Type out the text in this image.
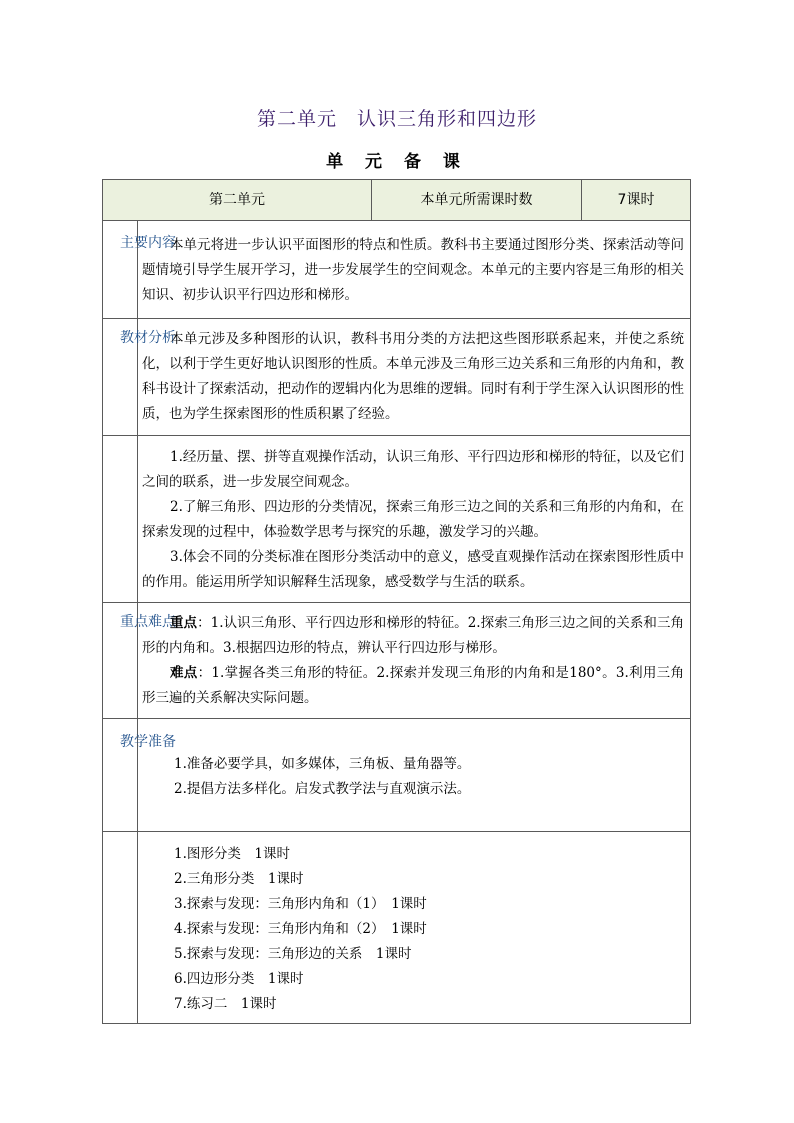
第二单元　认识三角形和四边形
单 元 备 课
第二单元	本单元所需课时数	7课时
主要内容

本单元将进一步认识平面图形的特点和性质。教科书主要通过图形分类、探索活动等问题情境引导学生展开学习，进一步发展学生的空间观念。本单元的主要内容是三角形的相关知识、初步认识平行四边形和梯形。

教材分析

本单元涉及多种图形的认识，教科书用分类的方法把这些图形联系起来，并使之系统化，以利于学生更好地认识图形的性质。本单元涉及三角形三边关系和三角形的内角和，教科书设计了探索活动，把动作的逻辑内化为思维的逻辑。同时有利于学生深入认识图形的性质，也为学生探索图形的性质积累了经验。

1.经历量、摆、拼等直观操作活动，认识三角形、平行四边形和梯形的特征，以及它们之间的联系，进一步发展空间观念。

2.了解三角形、四边形的分类情况，探索三角形三边之间的关系和三角形的内角和，在探索发现的过程中，体验数学思考与探究的乐趣，激发学习的兴趣。

3.体会不同的分类标准在图形分类活动中的意义，感受直观操作活动在探索图形性质中的作用。能运用所学知识解释生活现象，感受数学与生活的联系。

重点难点

重点：1.认识三角形、平行四边形和梯形的特征。2.探索三角形三边之间的关系和三角形的内角和。3.根据四边形的特点，辨认平行四边形与梯形。

难点：1.掌握各类三角形的特征。2.探索并发现三角形的内角和是180°。3.利用三角形三遍的关系解决实际问题。

教学准备

1.准备必要学具，如多媒体，三角板、量角器等。

2.提倡方法多样化。启发式教学法与直观演示法。

1.图形分类　1课时

2.三角形分类　1课时

3.探索与发现：三角形内角和（1）　1课时

4.探索与发现：三角形内角和（2）　1课时

5.探索与发现：三角形边的关系　1课时

6.四边形分类　1课时

7.练习二　1课时
